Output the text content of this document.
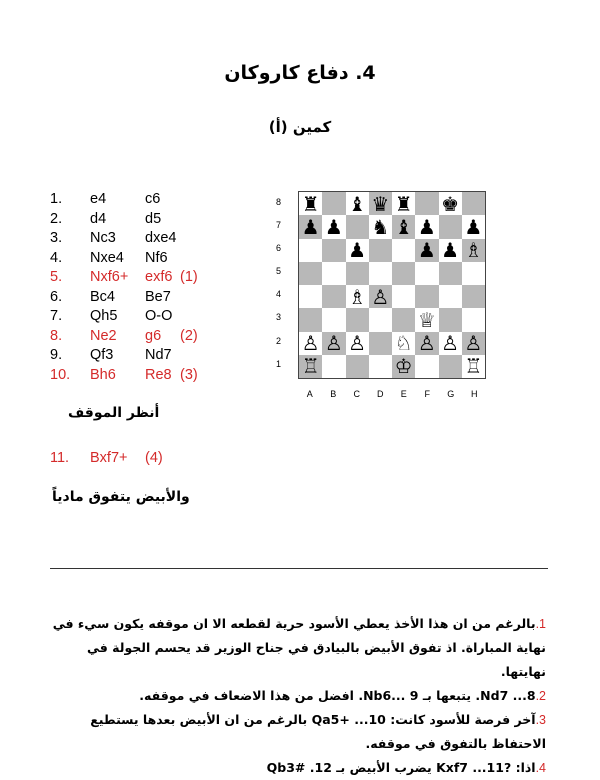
4. دفاع كاروكان
كمين (أ)
1. e4	c6
2. d4	d5
3. Nc3 dxe4
4. Nxe4 Nf6
5. Nxf6+ exf6 (1)
6. Bc4 Be7
7. Qh5 O-O
8. Ne2 g6 (2)
9. Qf3 Nd7
10. Bh6 Re8 (3)
8
7
6
5
4
3
2
1
♜ ♝ ♛ ♜ ♚
♟ ♟ ♞ ♝ ♟ ♟
♟	♟ ♟ ♗
♗ ♙
♕
♙ ♙ ♙ ♘ ♙ ♙ ♙
♖	♔	♖
A	B	C	D	E	F	G	H
أنظر الموقف
11. Bxf7+ (4)
والأبيض يتفوق مادياً

1.بالرغم من ان هذا الأخذ يعطي الأسود حرية لقطعه الا ان موقفه يكون سيء في نهاية المباراة. اذ تفوق الأبيض بالبيادق في جناح الوزير قد يحسم الجولة في نهايتها.

2.Nd7 ...8. يتبعها بـ Nb6... 9. افضل من هذا الاضعاف في موقفه.

3.آخر فرصة للأسود كانت: Qa5+ ...10 بالرغم من ان الأبيض بعدها يستطيع الاحتفاظ بالتفوق في موقفه.

4.اذا: ?Kxf7 ...11 يضرب الأبيض بـ 12. Qb3#
